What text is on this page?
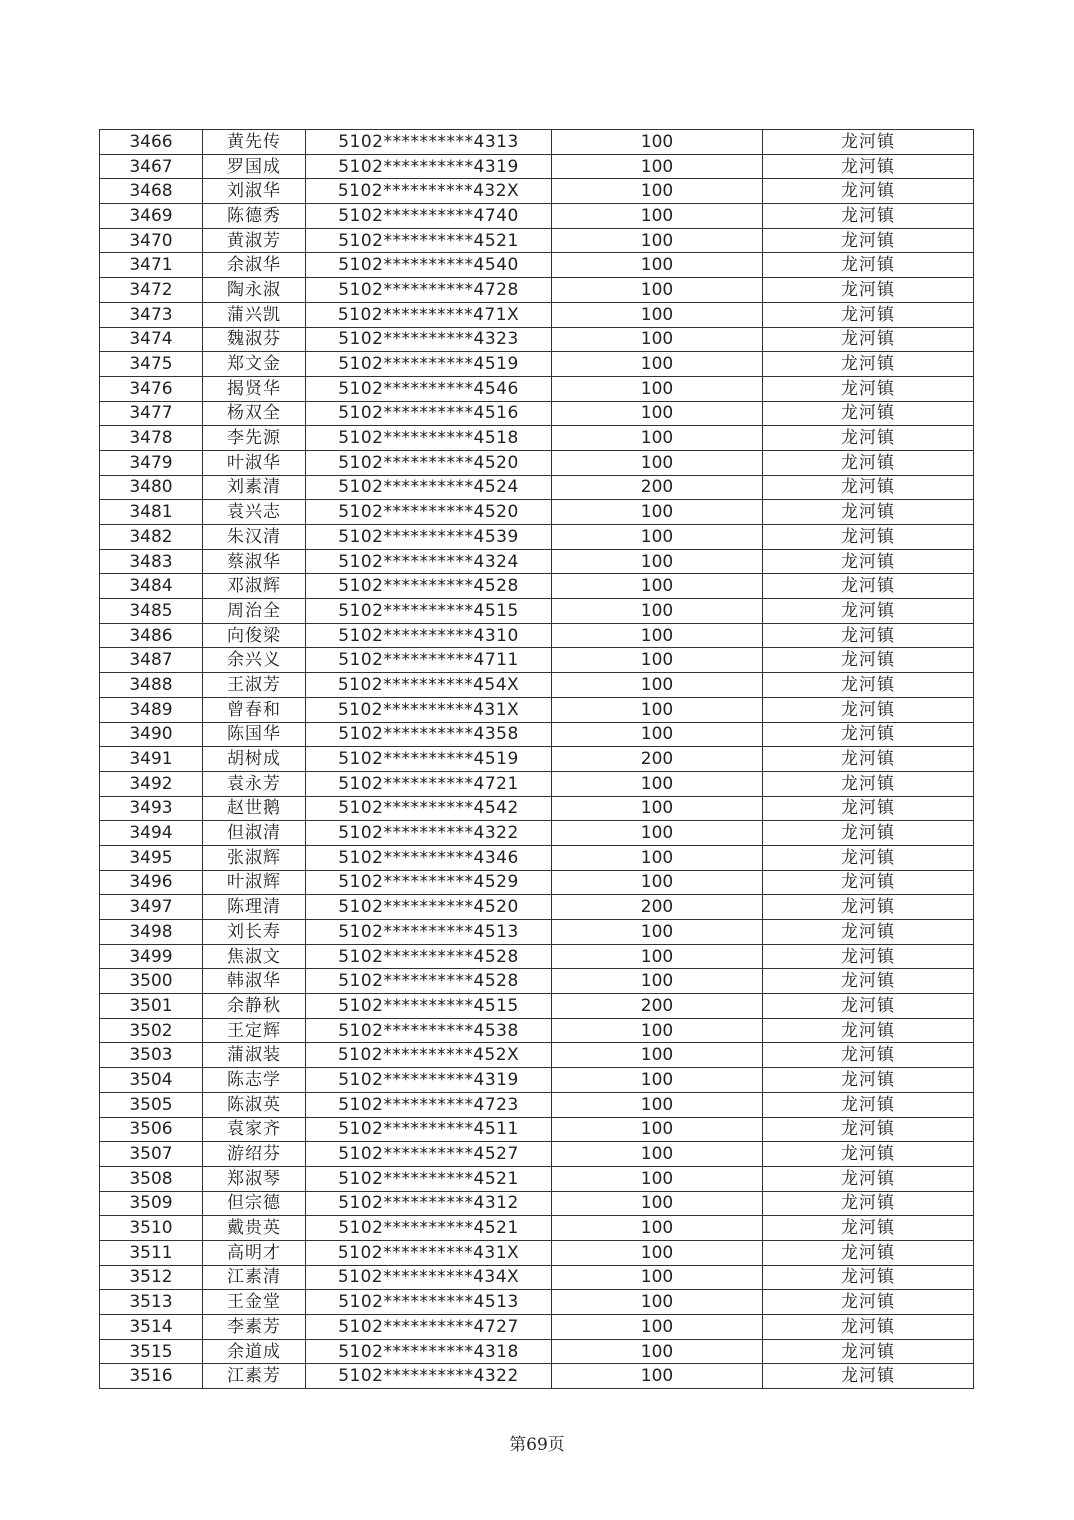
3466	黄先传	5102**********4313	100	龙河镇
3467	罗国成	5102**********4319	100	龙河镇
3468	刘淑华	5102**********432X	100	龙河镇
3469	陈德秀	5102**********4740	100	龙河镇
3470	黄淑芳	5102**********4521	100	龙河镇
3471	余淑华	5102**********4540	100	龙河镇
3472	陶永淑	5102**********4728	100	龙河镇
3473	蒲兴凯	5102**********471X	100	龙河镇
3474	魏淑芬	5102**********4323	100	龙河镇
3475	郑文金	5102**********4519	100	龙河镇
3476	揭贤华	5102**********4546	100	龙河镇
3477	杨双全	5102**********4516	100	龙河镇
3478	李先源	5102**********4518	100	龙河镇
3479	叶淑华	5102**********4520	100	龙河镇
3480	刘素清	5102**********4524	200	龙河镇
3481	袁兴志	5102**********4520	100	龙河镇
3482	朱汉清	5102**********4539	100	龙河镇
3483	蔡淑华	5102**********4324	100	龙河镇
3484	邓淑辉	5102**********4528	100	龙河镇
3485	周治全	5102**********4515	100	龙河镇
3486	向俊梁	5102**********4310	100	龙河镇
3487	余兴义	5102**********4711	100	龙河镇
3488	王淑芳	5102**********454X	100	龙河镇
3489	曾春和	5102**********431X	100	龙河镇
3490	陈国华	5102**********4358	100	龙河镇
3491	胡树成	5102**********4519	200	龙河镇
3492	袁永芳	5102**********4721	100	龙河镇
3493	赵世鹅	5102**********4542	100	龙河镇
3494	但淑清	5102**********4322	100	龙河镇
3495	张淑辉	5102**********4346	100	龙河镇
3496	叶淑辉	5102**********4529	100	龙河镇
3497	陈理清	5102**********4520	200	龙河镇
3498	刘长寿	5102**********4513	100	龙河镇
3499	焦淑文	5102**********4528	100	龙河镇
3500	韩淑华	5102**********4528	100	龙河镇
3501	余静秋	5102**********4515	200	龙河镇
3502	王定辉	5102**********4538	100	龙河镇
3503	蒲淑装	5102**********452X	100	龙河镇
3504	陈志学	5102**********4319	100	龙河镇
3505	陈淑英	5102**********4723	100	龙河镇
3506	袁家齐	5102**********4511	100	龙河镇
3507	游绍芬	5102**********4527	100	龙河镇
3508	郑淑琴	5102**********4521	100	龙河镇
3509	但宗德	5102**********4312	100	龙河镇
3510	戴贵英	5102**********4521	100	龙河镇
3511	高明才	5102**********431X	100	龙河镇
3512	江素清	5102**********434X	100	龙河镇
3513	王金堂	5102**********4513	100	龙河镇
3514	李素芳	5102**********4727	100	龙河镇
3515	余道成	5102**********4318	100	龙河镇
3516	江素芳	5102**********4322	100	龙河镇
第69页
